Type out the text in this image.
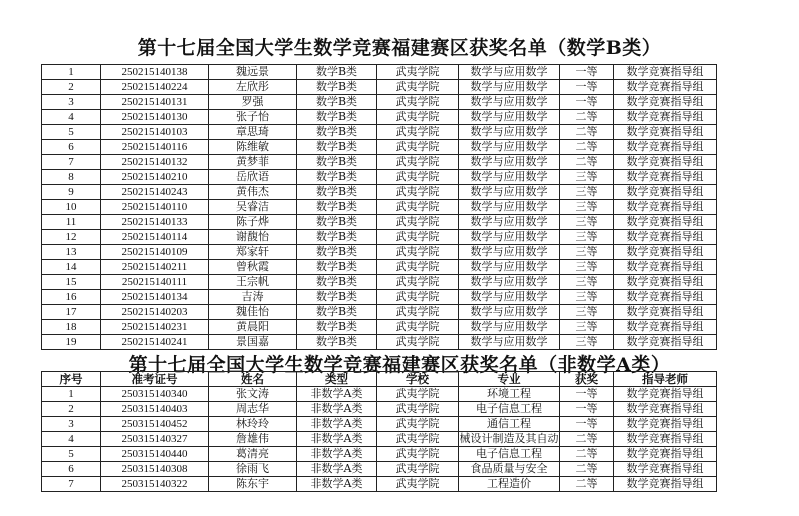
第十七届全国大学生数学竞赛福建赛区获奖名单（数学B类）
1	250215140138	魏远景	数学B类	武夷学院	数学与应用数学	一等	数学竞赛指导组
2	250215140224	左欣彤	数学B类	武夷学院	数学与应用数学	一等	数学竞赛指导组
3	250215140131	罗强	数学B类	武夷学院	数学与应用数学	一等	数学竞赛指导组
4	250215140130	张子怡	数学B类	武夷学院	数学与应用数学	二等	数学竞赛指导组
5	250215140103	章思琦	数学B类	武夷学院	数学与应用数学	二等	数学竞赛指导组
6	250215140116	陈维敏	数学B类	武夷学院	数学与应用数学	二等	数学竞赛指导组
7	250215140132	黄梦菲	数学B类	武夷学院	数学与应用数学	二等	数学竞赛指导组
8	250215140210	岳欣语	数学B类	武夷学院	数学与应用数学	三等	数学竞赛指导组
9	250215140243	黄伟杰	数学B类	武夷学院	数学与应用数学	三等	数学竞赛指导组
10	250215140110	吴睿洁	数学B类	武夷学院	数学与应用数学	三等	数学竞赛指导组
11	250215140133	陈子烨	数学B类	武夷学院	数学与应用数学	三等	数学竞赛指导组
12	250215140114	谢馥怡	数学B类	武夷学院	数学与应用数学	三等	数学竞赛指导组
13	250215140109	郑家轩	数学B类	武夷学院	数学与应用数学	三等	数学竞赛指导组
14	250215140211	曾秋霞	数学B类	武夷学院	数学与应用数学	三等	数学竞赛指导组
15	250215140111	王宗帆	数学B类	武夷学院	数学与应用数学	三等	数学竞赛指导组
16	250215140134	吉涛	数学B类	武夷学院	数学与应用数学	三等	数学竞赛指导组
17	250215140203	魏佳怡	数学B类	武夷学院	数学与应用数学	三等	数学竞赛指导组
18	250215140231	黄晨阳	数学B类	武夷学院	数学与应用数学	三等	数学竞赛指导组
19	250215140241	景国嘉	数学B类	武夷学院	数学与应用数学	三等	数学竞赛指导组
第十七届全国大学生数学竞赛福建赛区获奖名单（非数学A类）
序号	准考证号	姓名	类型	学校	专业	获奖	指导老师
1	250315140340	张文涛	非数学A类	武夷学院	环境工程	一等	数学竞赛指导组
2	250315140403	周志华	非数学A类	武夷学院	电子信息工程	一等	数学竞赛指导组
3	250315140452	林玲玲	非数学A类	武夷学院	通信工程	一等	数学竞赛指导组
4	250315140327	詹雄伟	非数学A类	武夷学院	械设计制造及其自动	二等	数学竞赛指导组
5	250315140440	葛清亮	非数学A类	武夷学院	电子信息工程	二等	数学竞赛指导组
6	250315140308	徐雨飞	非数学A类	武夷学院	食品质量与安全	二等	数学竞赛指导组
7	250315140322	陈东宇	非数学A类	武夷学院	工程造价	二等	数学竞赛指导组
